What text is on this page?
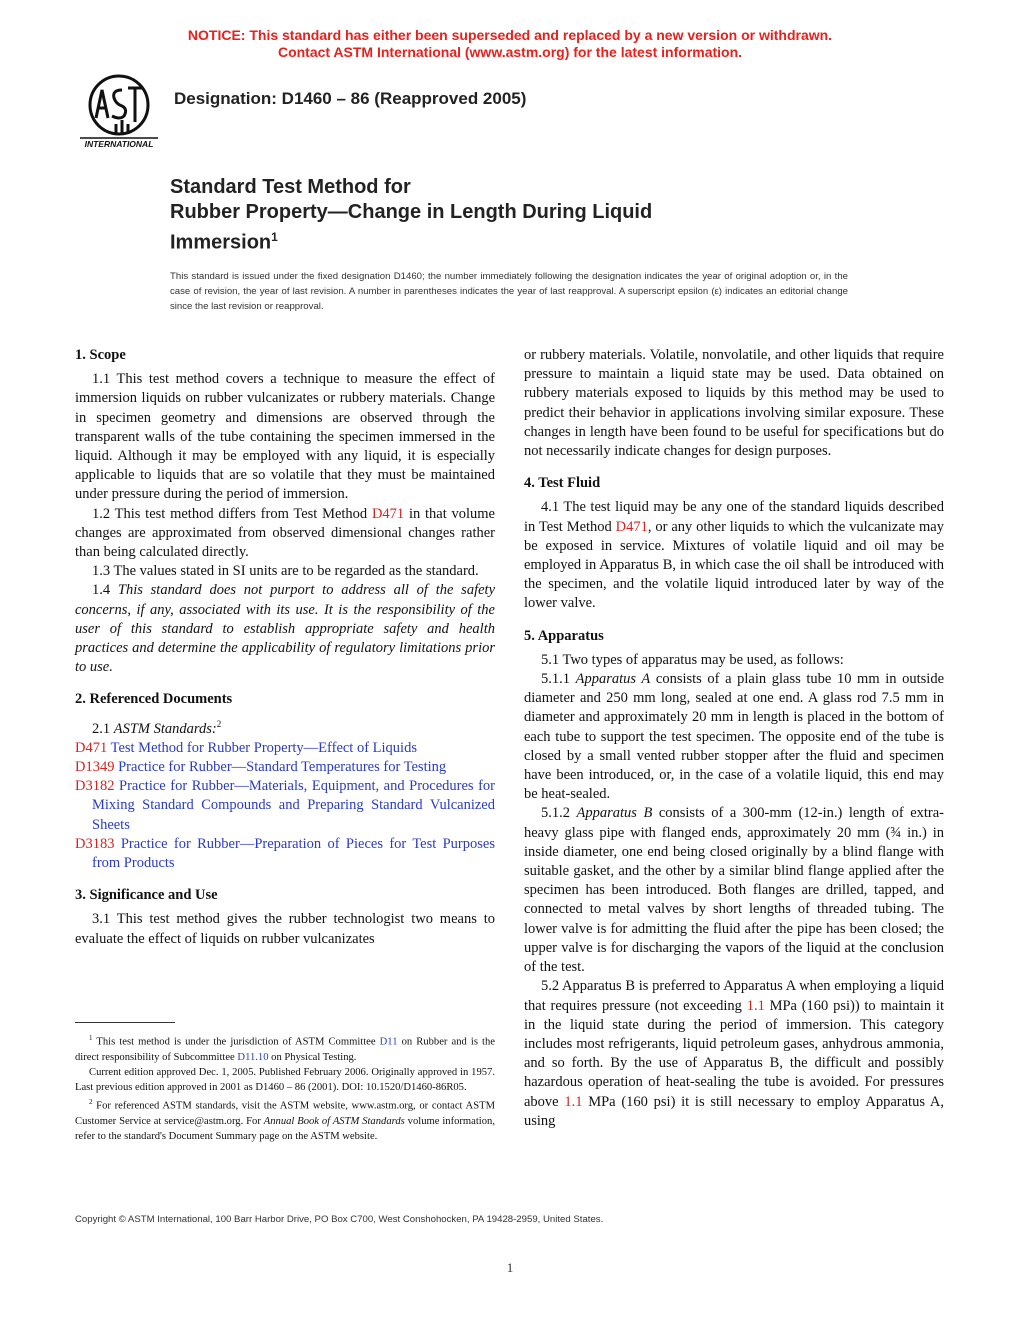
NOTICE: This standard has either been superseded and replaced by a new version or withdrawn.
Contact ASTM International (www.astm.org) for the latest information.
INTERNATIONAL
Designation: D1460 – 86 (Reapproved 2005)
Standard Test Method for
Rubber Property—Change in Length During Liquid
Immersion$^1$
This standard is issued under the fixed designation D1460; the number immediately following the designation indicates the year of original adoption or, in the case of revision, the year of last revision. A number in parentheses indicates the year of last reapproval. A superscript epsilon (ε) indicates an editorial change since the last revision or reapproval.
1. Scope

1.1 This test method covers a technique to measure the effect of immersion liquids on rubber vulcanizates or rubbery materials. Change in specimen geometry and dimensions are observed through the transparent walls of the tube containing the specimen immersed in the liquid. Although it may be employed with any liquid, it is especially applicable to liquids that are so volatile that they must be maintained under pressure during the period of immersion.

1.2 This test method differs from Test Method D471 in that volume changes are approximated from observed dimensional changes rather than being calculated directly.

1.3 The values stated in SI units are to be regarded as the standard.

1.4 This standard does not purport to address all of the safety concerns, if any, associated with its use. It is the responsibility of the user of this standard to establish appropriate safety and health practices and determine the applicability of regulatory limitations prior to use.

2. Referenced Documents

2.1 ASTM Standards:$^2$

D471 Test Method for Rubber Property—Effect of Liquids
D1349 Practice for Rubber—Standard Temperatures for Testing
D3182 Practice for Rubber—Materials, Equipment, and Procedures for Mixing Standard Compounds and Preparing Standard Vulcanized Sheets
D3183 Practice for Rubber—Preparation of Pieces for Test Purposes from Products
3. Significance and Use

3.1 This test method gives the rubber technologist two means to evaluate the effect of liquids on rubber vulcanizates

$^1$ This test method is under the jurisdiction of ASTM Committee D11 on Rubber and is the direct responsibility of Subcommittee D11.10 on Physical Testing.

Current edition approved Dec. 1, 2005. Published February 2006. Originally approved in 1957. Last previous edition approved in 2001 as D1460 – 86 (2001). DOI: 10.1520/D1460-86R05.

$^2$ For referenced ASTM standards, visit the ASTM website, www.astm.org, or contact ASTM Customer Service at service@astm.org. For Annual Book of ASTM Standards volume information, refer to the standard's Document Summary page on the ASTM website.

or rubbery materials. Volatile, nonvolatile, and other liquids that require pressure to maintain a liquid state may be used. Data obtained on rubbery materials exposed to liquids by this method may be used to predict their behavior in applications involving similar exposure. These changes in length have been found to be useful for specifications but do not necessarily indicate changes for design purposes.

4. Test Fluid

4.1 The test liquid may be any one of the standard liquids described in Test Method D471, or any other liquids to which the vulcanizate may be exposed in service. Mixtures of volatile liquid and oil may be employed in Apparatus B, in which case the oil shall be introduced with the specimen, and the volatile liquid introduced later by way of the lower valve.

5. Apparatus

5.1 Two types of apparatus may be used, as follows:

5.1.1 Apparatus A consists of a plain glass tube 10 mm in outside diameter and 250 mm long, sealed at one end. A glass rod 7.5 mm in diameter and approximately 20 mm in length is placed in the bottom of each tube to support the test specimen. The opposite end of the tube is closed by a small vented rubber stopper after the fluid and specimen have been introduced, or, in the case of a volatile liquid, this end may be heat-sealed.

5.1.2 Apparatus B consists of a 300-mm (12-in.) length of extra-heavy glass pipe with flanged ends, approximately 20 mm (¾ in.) in inside diameter, one end being closed originally by a blind flange with suitable gasket, and the other by a similar blind flange applied after the specimen has been introduced. Both flanges are drilled, tapped, and connected to metal valves by short lengths of threaded tubing. The lower valve is for admitting the fluid after the pipe has been closed; the upper valve is for discharging the vapors of the liquid at the conclusion of the test.

5.2 Apparatus B is preferred to Apparatus A when employing a liquid that requires pressure (not exceeding 1.1 MPa (160 psi)) to maintain it in the liquid state during the period of immersion. This category includes most refrigerants, liquid petroleum gases, anhydrous ammonia, and so forth. By the use of Apparatus B, the difficult and possibly hazardous operation of heat-sealing the tube is avoided. For pressures above 1.1 MPa (160 psi) it is still necessary to employ Apparatus A, using

Copyright © ASTM International, 100 Barr Harbor Drive, PO Box C700, West Conshohocken, PA 19428-2959, United States.
1
